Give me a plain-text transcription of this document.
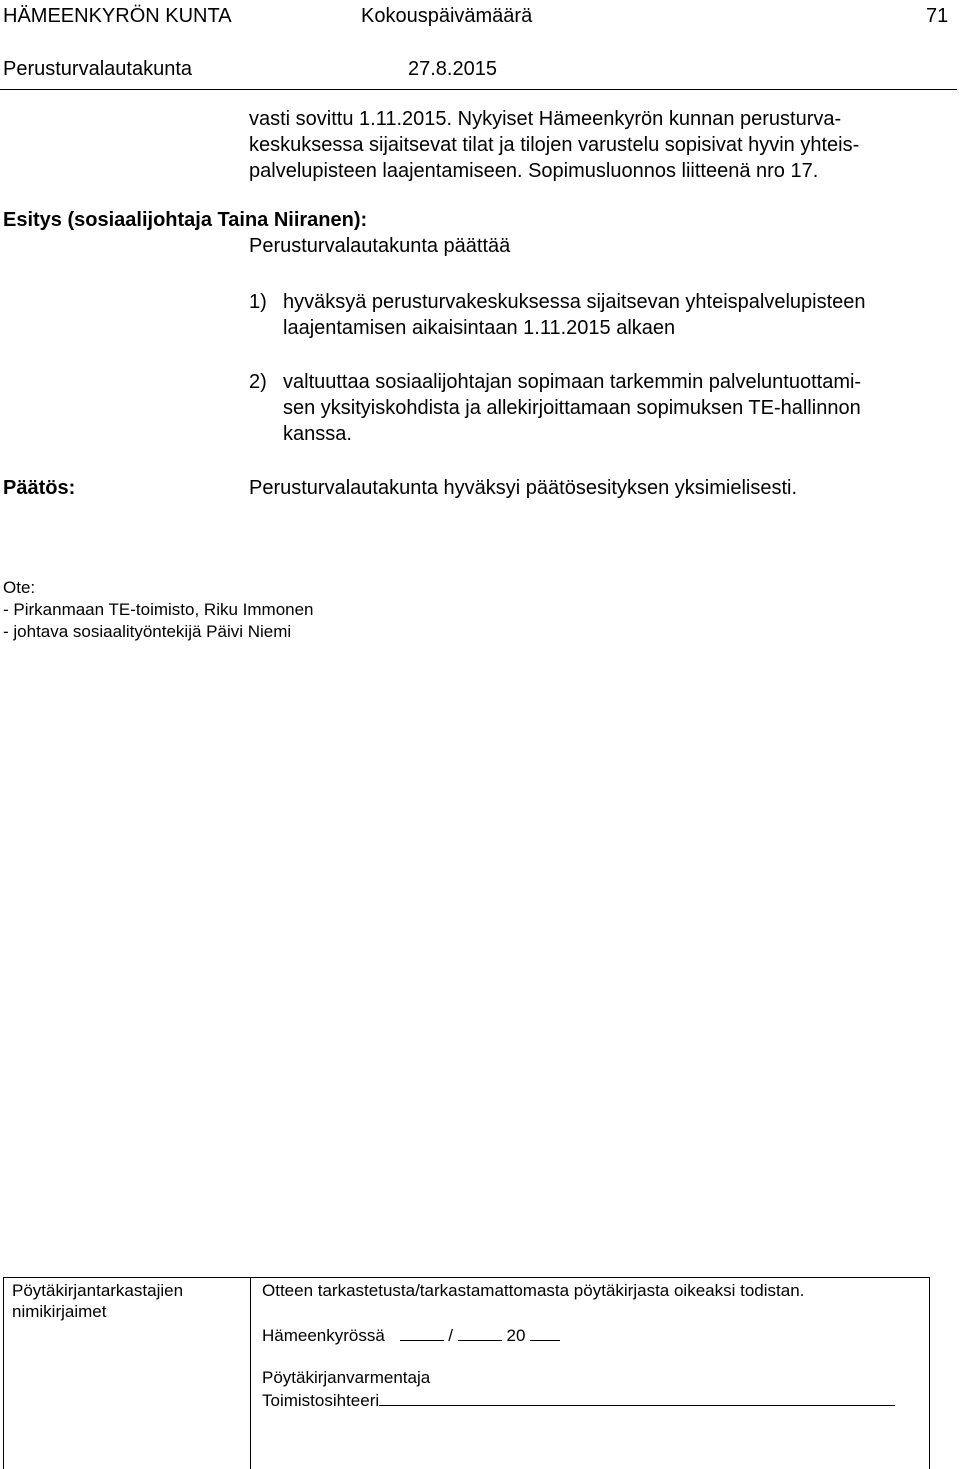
HÄMEENKYRÖN KUNTA	Kokouspäivämäärä	71
Perusturvalautakunta	27.8.2015
vasti sovittu 1.11.2015. Nykyiset Hämeenkyrön kunnan perusturva-
keskuksessa sijaitsevat tilat ja tilojen varustelu sopisivat hyvin yhteis-
palvelupisteen laajentamiseen. Sopimusluonnos liitteenä nro 17.
Esitys (sosiaalijohtaja Taina Niiranen):
Perusturvalautakunta päättää
1) hyväksyä perusturvakeskuksessa sijaitsevan yhteispalvelupisteen
laajentamisen aikaisintaan 1.11.2015 alkaen
2) valtuuttaa sosiaalijohtajan sopimaan tarkemmin palveluntuottami-
sen yksityiskohdista ja allekirjoittamaan sopimuksen TE-hallinnon
kanssa.
Päätös:	Perusturvalautakunta hyväksyi päätösesityksen yksimielisesti.
Ote:
- Pirkanmaan TE-toimisto, Riku Immonen
- johtava sosiaalityöntekijä Päivi Niemi
Pöytäkirjantarkastajien
nimikirjaimet
Otteen tarkastetusta/tarkastamattomasta pöytäkirjasta oikeaksi todistan.
Hämeenkyrössä	/	20
Pöytäkirjanvarmentaja
Toimistosihteeri
